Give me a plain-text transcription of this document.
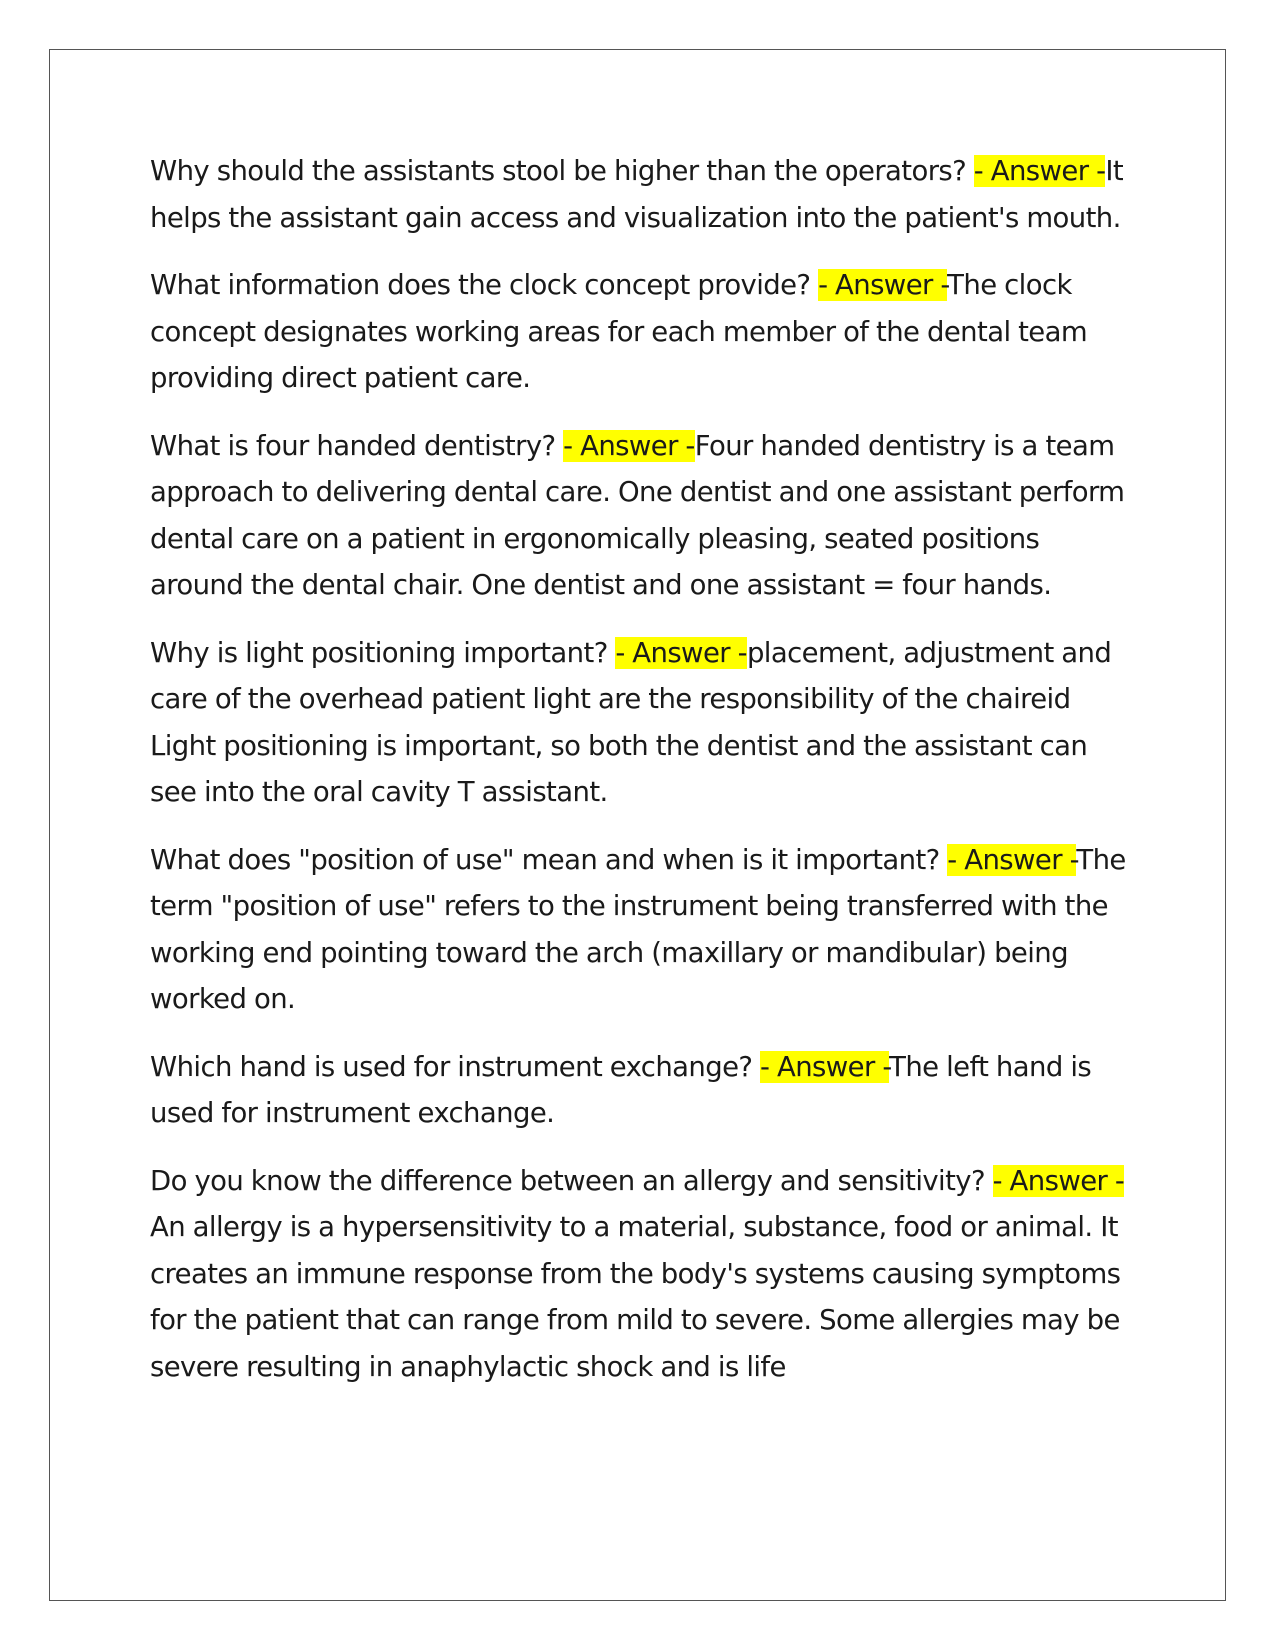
Why should the assistants stool be higher than the operators? - Answer -It helps the assistant gain access and visualization into the patient's mouth.

What information does the clock concept provide? - Answer -The clock concept designates working areas for each member of the dental team providing direct patient care.

What is four handed dentistry? - Answer -Four handed dentistry is a team approach to delivering dental care. One dentist and one assistant perform dental care on a patient in ergonomically pleasing, seated positions around the dental chair. One dentist and one assistant = four hands.

Why is light positioning important? - Answer -placement, adjustment and care of the overhead patient light are the responsibility of the chaireid Light positioning is important, so both the dentist and the assistant can see into the oral cavity T assistant.

What does "position of use" mean and when is it important? - Answer -The term "position of use" refers to the instrument being transferred with the working end pointing toward the arch (maxillary or mandibular) being worked on.

Which hand is used for instrument exchange? - Answer -The left hand is used for instrument exchange.

Do you know the difference between an allergy and sensitivity? - Answer -An allergy is a hypersensitivity to a material, substance, food or animal. It creates an immune response from the body's systems causing symptoms for the patient that can range from mild to severe. Some allergies may be severe resulting in anaphylactic shock and is life
